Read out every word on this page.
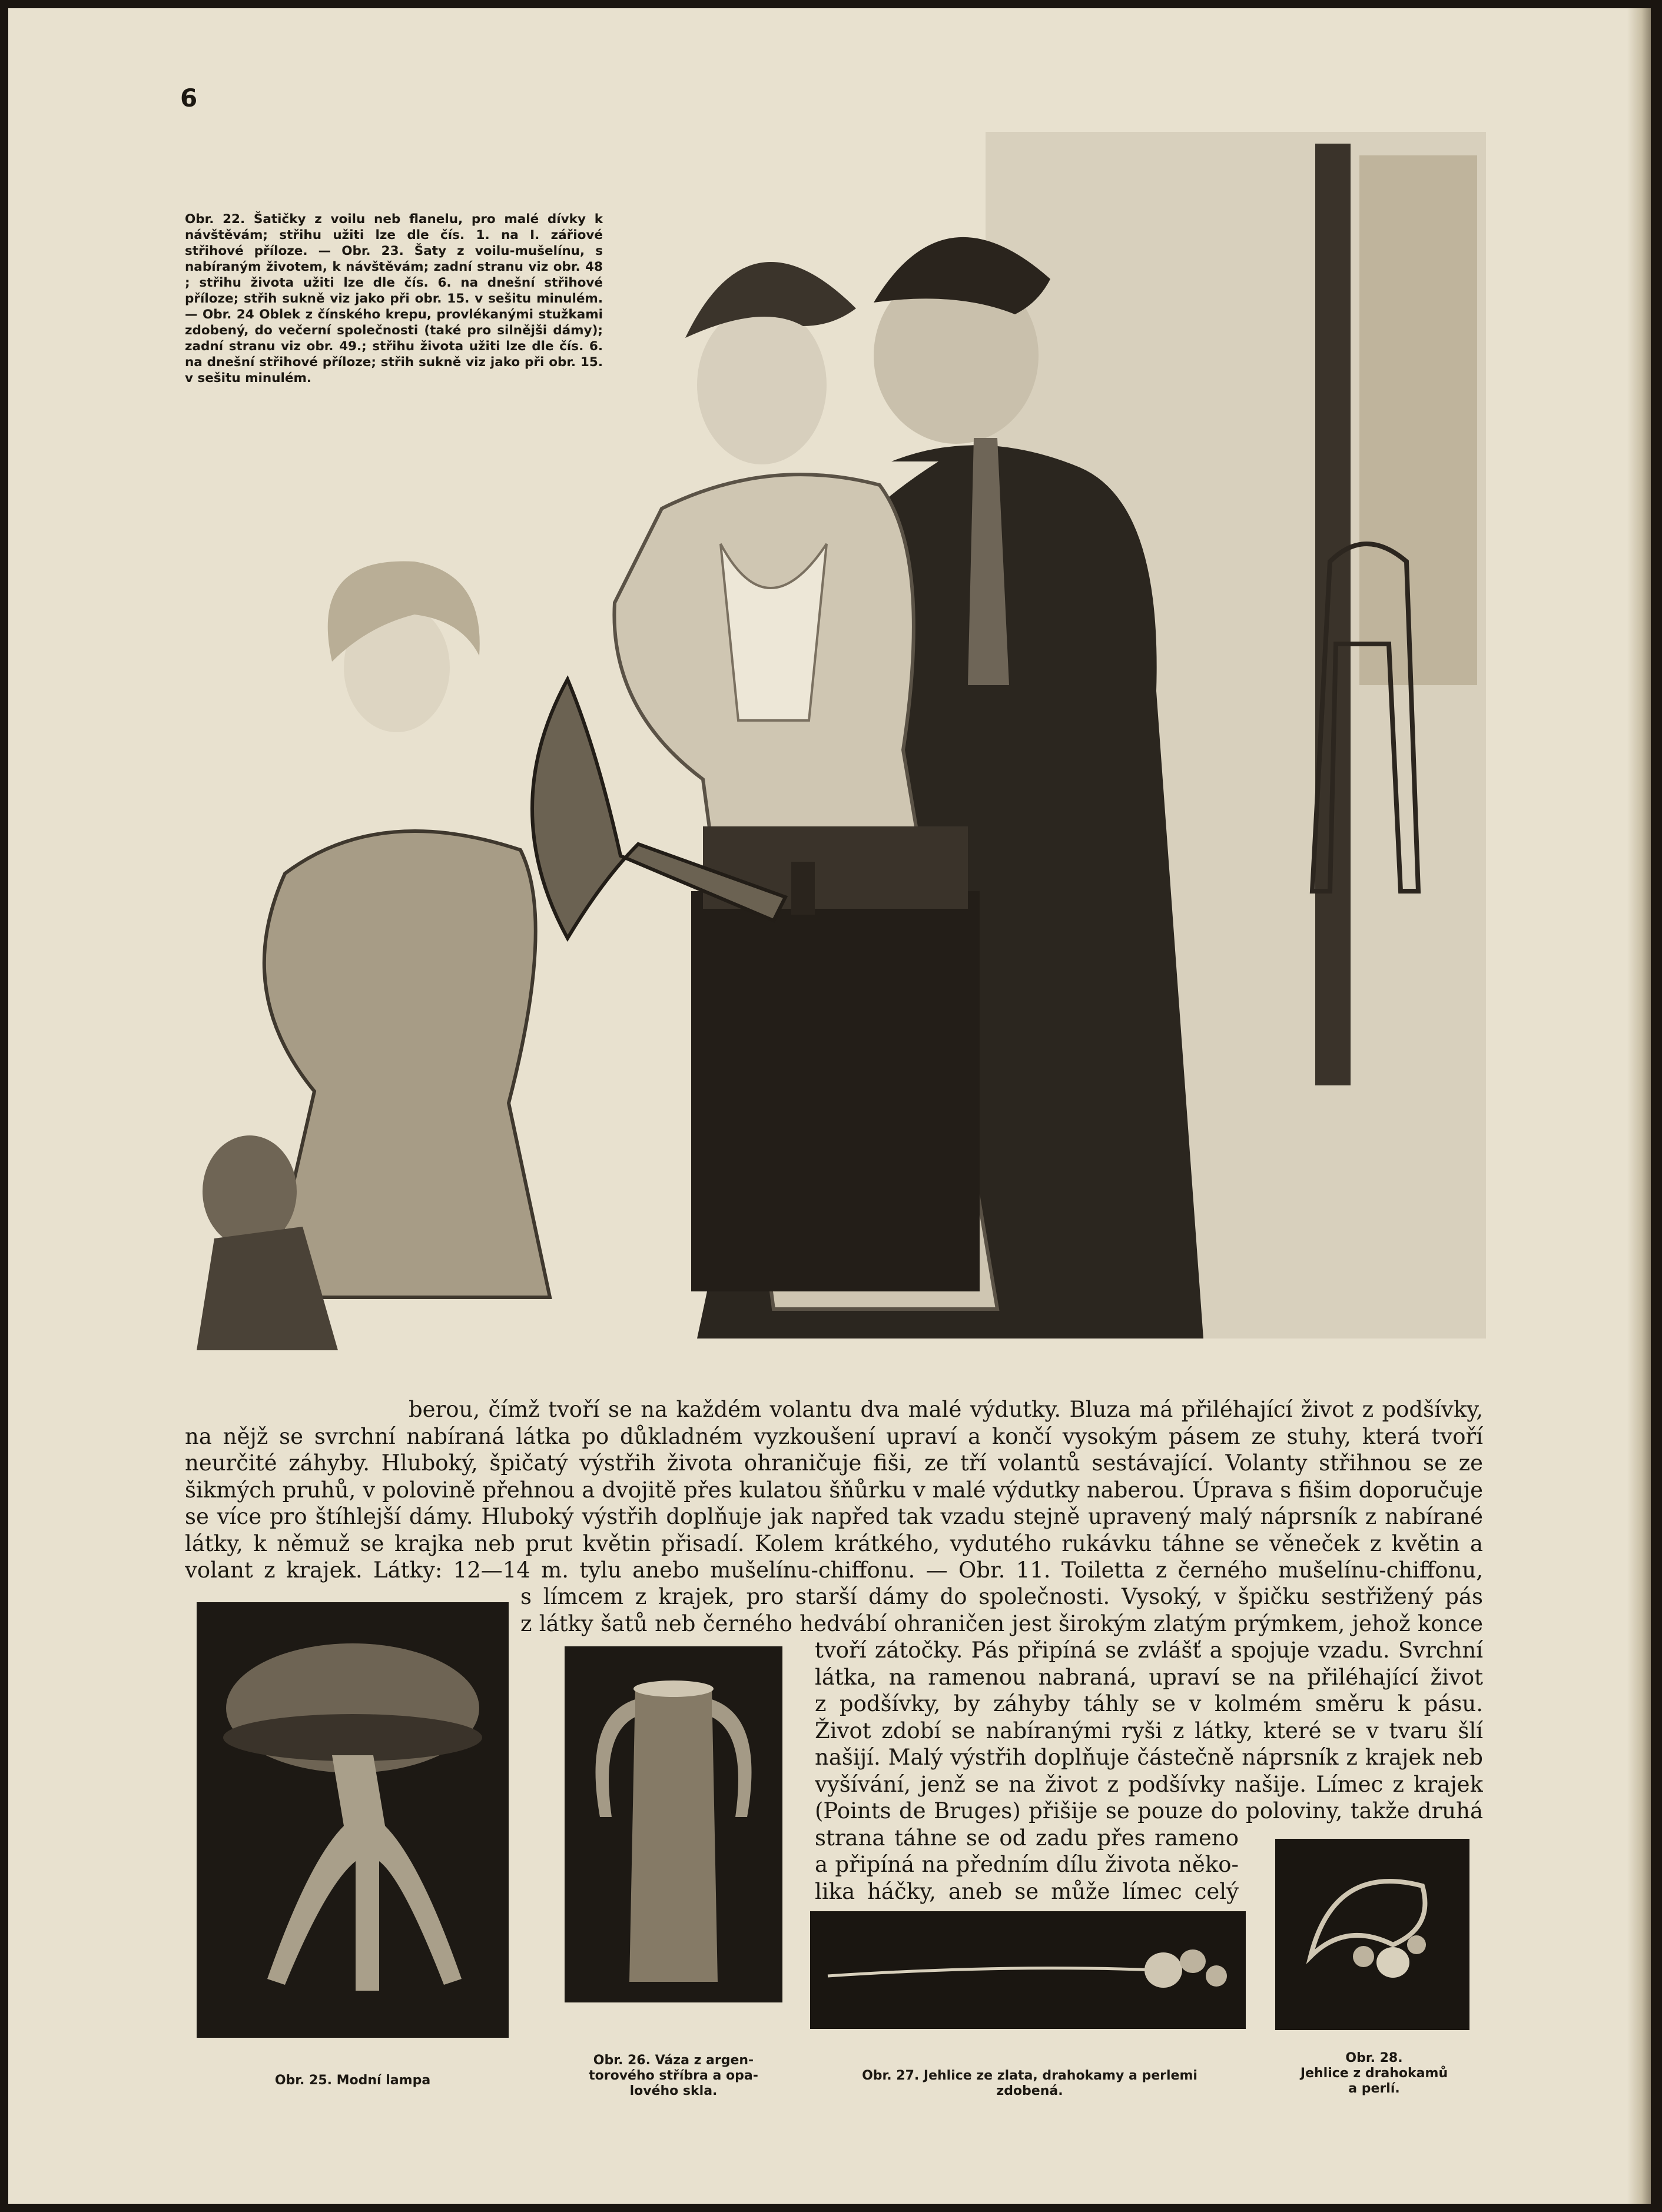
6

Obr. 22. Šatičky z voilu neb flanelu, pro malé dívky k návštěvám; střihu užiti lze dle čís. 1. na I. zářiové střihové příloze. — Obr. 23. Šaty z voilu-mušelínu, s nabíraným životem, k návštěvám; zadní stranu viz obr. 48 ; střihu života užiti lze dle čís. 6. na dnešní střihové příloze; střih sukně viz jako při obr. 15. v sešitu minulém. — Obr. 24 Oblek z čínského krepu, provlékanými stužkami zdobený, do večerní společnosti (také pro silnějši dámy); zadní stranu viz obr. 49.; střihu života užiti lze dle čís. 6. na dnešní střihové příloze; střih sukně viz jako při obr. 15. v sešitu minulém.

berou, čímž tvoří se na každém volantu dva malé výdutky. Bluza má přiléhající život z podšívky,
na nějž se svrchní nabíraná látka po důkladném vyzkoušení upraví a končí vysokým pásem ze stuhy, která tvoří
neurčité záhyby. Hluboký, špičatý výstřih života ohraničuje fiši, ze tří volantů sestávající. Volanty střihnou se ze
šikmých pruhů, v polovině přehnou a dvojitě přes kulatou šňůrku v malé výdutky naberou. Úprava s fišim doporučuje
se více pro štíhlejší dámy. Hluboký výstřih doplňuje jak napřed tak vzadu stejně upravený malý náprsník z nabírané
látky, k němuž se krajka neb prut květin přisadí. Kolem krátkého, vydutého rukávku táhne se věneček z květin a
volant z krajek. Látky: 12—14 m. tylu anebo mušelínu-chiffonu. — Obr. 11. Toiletta z černého mušelínu-chiffonu,
s límcem z krajek, pro starší dámy do společnosti. Vysoký, v špičku sestřižený pás
z látky šatů neb černého hedvábí ohraničen jest širokým zlatým prýmkem, jehož konce
tvoří zátočky. Pás připíná se zvlášť a spojuje vzadu. Svrchní
látka, na ramenou nabraná, upraví se na přiléhající život
z podšívky, by záhyby táhly se v kolmém směru k pásu.
Život zdobí se nabíranými ryši z látky, které se v tvaru šlí
našijí. Malý výstřih doplňuje částečně náprsník z krajek neb
vyšívání, jenž se na život z podšívky našije. Límec z krajek
(Points de Bruges) přišije se pouze do poloviny, takže druhá
strana táhne se od zadu přes rameno
a připíná na předním dílu života něko-
lika háčky, aneb se může límec celý
Obr. 25. Modní lampa
Obr. 26. Váza z argen-
torového stříbra a opa-
lového skla.
Obr. 27. Jehlice ze zlata, drahokamy a perlemi
zdobená.
Obr. 28.
Jehlice z drahokamů
a perlí.
